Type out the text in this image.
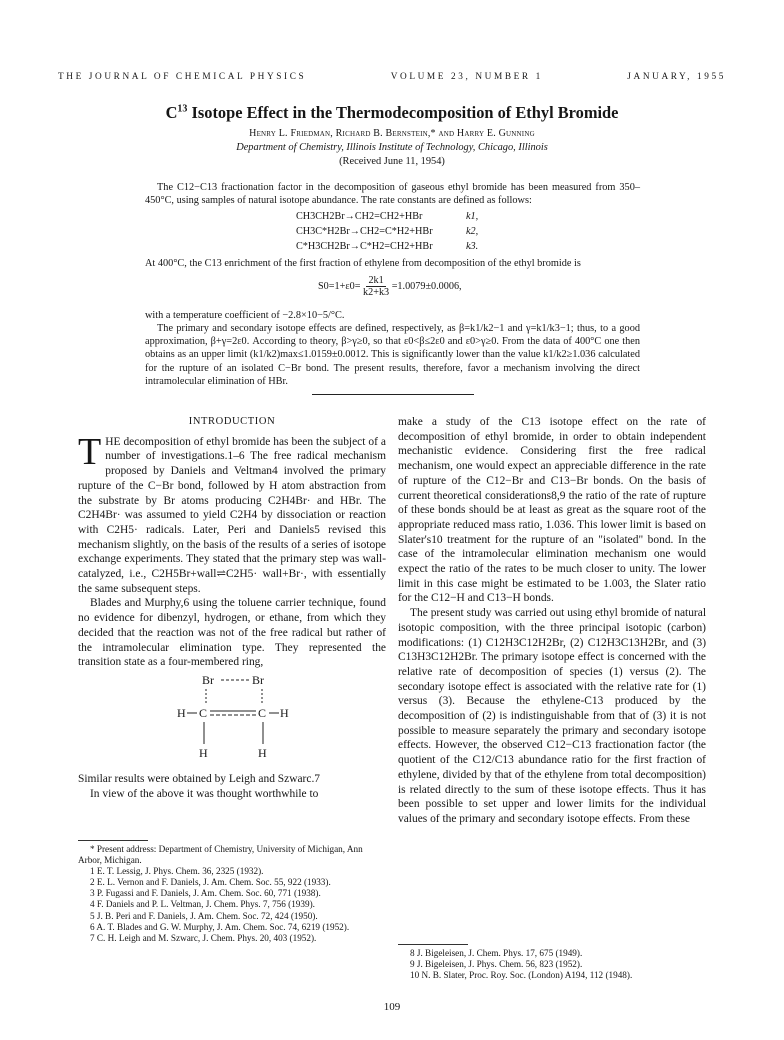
THE JOURNAL OF CHEMICAL PHYSICS	VOLUME 23, NUMBER 1	JANUARY, 1955
$C^{13}$ Isotope Effect in the Thermodecomposition of Ethyl Bromide
Henry L. Friedman, Richard B. Bernstein,* and Harry E. Gunning
Department of Chemistry, Illinois Institute of Technology, Chicago, Illinois
(Received June 11, 1954)
The C12−C13 fractionation factor in the decomposition of gaseous ethyl bromide has been measured from 350–450°C, using samples of natural isotope abundance. The rate constants are defined as follows:
CH3CH2Br→CH2=CH2+HBr	k1,
CH3C*H2Br→CH2=C*H2+HBr	k2,
C*H3CH2Br→C*H2=CH2+HBr	k3.
At 400°C, the C13 enrichment of the first fraction of ethylene from decomposition of the ethyl bromide is
$S0=1+\varepsilon 0= \frac{2k1}{k2+k3} =1.0079\pm 0.0006$,
with a temperature coefficient of −2.8×10−5/°C.
The primary and secondary isotope effects are defined, respectively, as β=k1/k2−1 and γ=k1/k3−1; thus, to a good approximation, β+γ=2ε0. According to theory, β>γ≥0, so that ε0<β≤2ε0 and ε0>γ≥0. From the data of 400°C one then obtains as an upper limit (k1/k2)max≤1.0159±0.0012. This is significantly lower than the value k1/k2≥1.036 calculated for the rupture of an isolated C−Br bond. The present results, therefore, favor a mechanism involving the direct intramolecular elimination of HBr.
INTRODUCTION

THE decomposition of ethyl bromide has been the subject of a number of investigations.1–6 The free radical mechanism proposed by Daniels and Veltman4 involved the primary rupture of the C−Br bond, followed by H atom abstraction from the substrate by Br atoms producing C2H4Br· and HBr. The C2H4Br· was assumed to yield C2H4 by dissociation or reaction with C2H5· radicals. Later, Peri and Daniels5 revised this mechanism slightly, on the basis of the results of a series of isotope exchange experiments. They stated that the primary step was wall-catalyzed, i.e., C2H5Br+wall⇌C2H5· wall+Br·, with essentially the same subsequent steps.

Blades and Murphy,6 using the toluene carrier technique, found no evidence for dibenzyl, hydrogen, or ethane, from which they decided that the reaction was not of the free radical but rather of the intramolecular elimination type. They represented the transition state as a four-membered ring,

Br	Br
H C	C H
H	H

Similar results were obtained by Leigh and Szwarc.7

In view of the above it was thought worthwhile to

* Present address: Department of Chemistry, University of Michigan, Ann Arbor, Michigan.
1 E. T. Lessig, J. Phys. Chem. 36, 2325 (1932).
2 E. L. Vernon and F. Daniels, J. Am. Chem. Soc. 55, 922 (1933).
3 P. Fugassi and F. Daniels, J. Am. Chem. Soc. 60, 771 (1938).
4 F. Daniels and P. L. Veltman, J. Chem. Phys. 7, 756 (1939).
5 J. B. Peri and F. Daniels, J. Am. Chem. Soc. 72, 424 (1950).
6 A. T. Blades and G. W. Murphy, J. Am. Chem. Soc. 74, 6219 (1952).
7 C. H. Leigh and M. Szwarc, J. Chem. Phys. 20, 403 (1952).

make a study of the C13 isotope effect on the rate of decomposition of ethyl bromide, in order to obtain independent mechanistic evidence. Considering first the free radical mechanism, one would expect an appreciable difference in the rate of rupture of the C12−Br and C13−Br bonds. On the basis of current theoretical considerations8,9 the ratio of the rate of rupture of these bonds should be at least as great as the square root of the appropriate reduced mass ratio, 1.036. This lower limit is based on Slater's10 treatment for the rupture of an "isolated" bond. In the case of the intramolecular elimination mechanism one would expect the ratio of the rates to be much closer to unity. The lower limit in this case might be estimated to be 1.003, the Slater ratio for the C12−H and C13−H bonds.

The present study was carried out using ethyl bromide of natural isotopic composition, with the three principal isotopic (carbon) modifications: (1) C12H3C12H2Br, (2) C12H3C13H2Br, and (3) C13H3C12H2Br. The primary isotope effect is concerned with the relative rate of decomposition of species (1) versus (2). The secondary isotope effect is associated with the relative rate for (1) versus (3). Because the ethylene-C13 produced by the decomposition of (2) is indistinguishable from that of (3) it is not possible to measure separately the primary and secondary isotope effects. However, the observed C12−C13 fractionation factor (the quotient of the C12/C13 abundance ratio for the first fraction of ethylene, divided by that of the ethylene from total decomposition) is related directly to the sum of these isotope effects. Thus it has been possible to set upper and lower limits for the individual values of the primary and secondary isotope effects. From these

8 J. Bigeleisen, J. Chem. Phys. 17, 675 (1949).
9 J. Bigeleisen, J. Phys. Chem. 56, 823 (1952).
10 N. B. Slater, Proc. Roy. Soc. (London) A194, 112 (1948).
109
